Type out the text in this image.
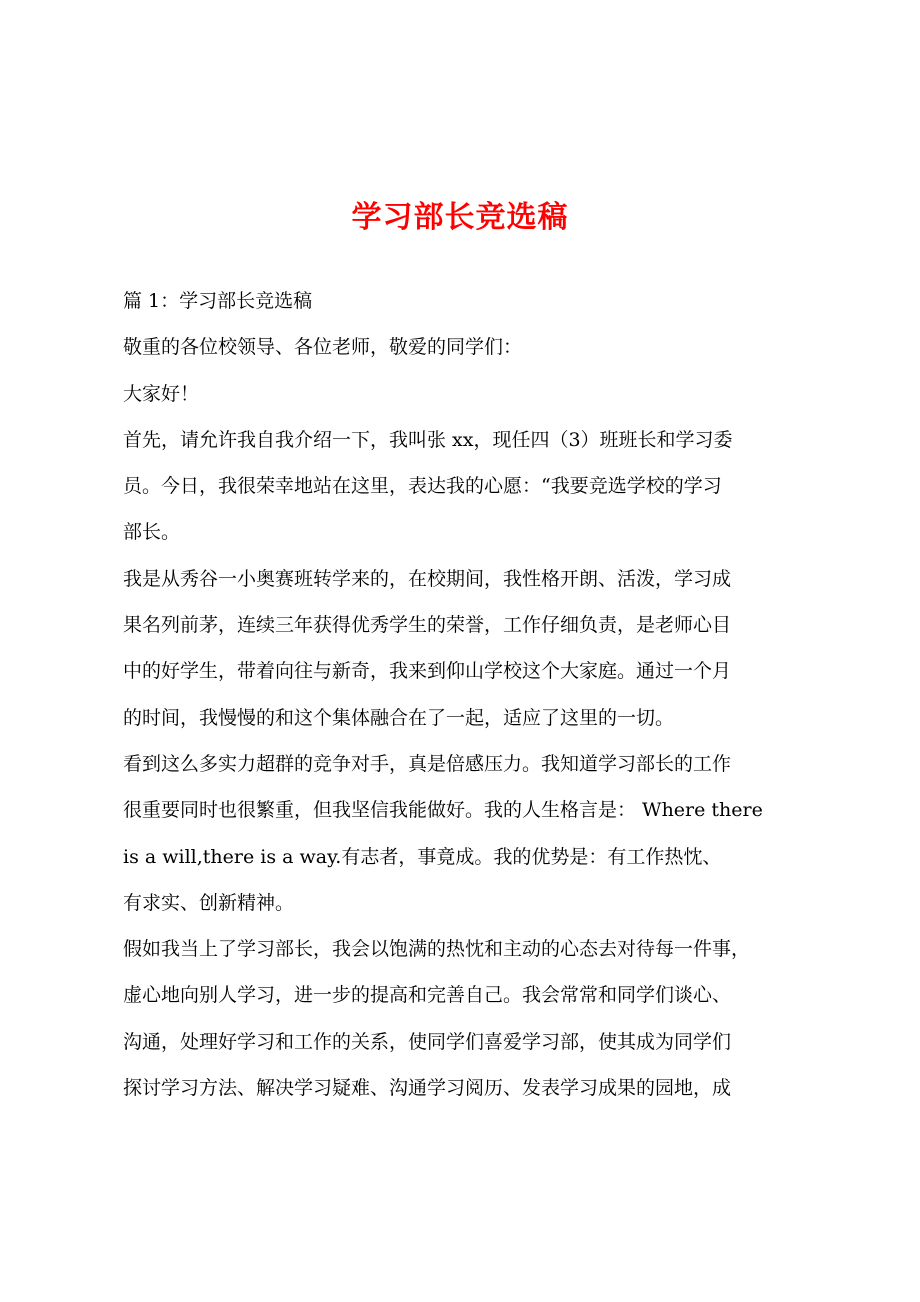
学习部长竞选稿
篇 1：学习部长竞选稿
敬重的各位校领导、各位老师，敬爱的同学们：
大家好！
首先，请允许我自我介绍一下，我叫张 xx，现任四（3）班班长和学习委
员。今日，我很荣幸地站在这里，表达我的心愿：“我要竞选学校的学习
部长。
我是从秀谷一小奥赛班转学来的，在校期间，我性格开朗、活泼，学习成
果名列前茅，连续三年获得优秀学生的荣誉，工作仔细负责，是老师心目
中的好学生，带着向往与新奇，我来到仰山学校这个大家庭。通过一个月
的时间，我慢慢的和这个集体融合在了一起，适应了这里的一切。
看到这么多实力超群的竞争对手，真是倍感压力。我知道学习部长的工作
很重要同时也很繁重，但我坚信我能做好。我的人生格言是： Where there
is a will,there is a way.有志者，事竟成。我的优势是：有工作热忱、
有求实、创新精神。
假如我当上了学习部长，我会以饱满的热忱和主动的心态去对待每一件事，
虚心地向别人学习，进一步的提高和完善自己。我会常常和同学们谈心、
沟通，处理好学习和工作的关系，使同学们喜爱学习部，使其成为同学们
探讨学习方法、解决学习疑难、沟通学习阅历、发表学习成果的园地，成
